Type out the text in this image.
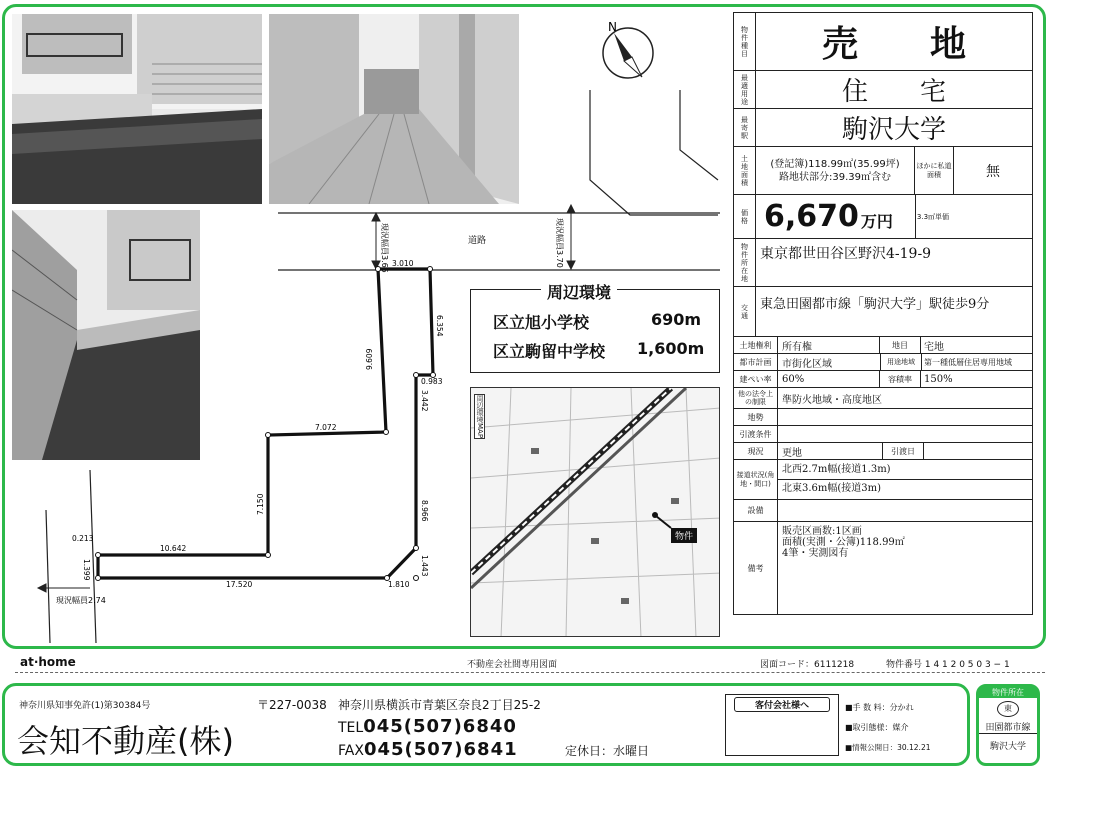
N
道路
現況幅員3.65	現況幅員3.70
現況幅員2.74
3.010
6.354
0.983
3.442
9.609
7.072
7.150	8.966
10.642
0.213
1.399	1.443
17.520	1.810
周辺環境
区立旭小学校	690m
区立駒留中学校 1,600m
物件
周辺環境MAP
物件種目	売　　地
最適用途	住　　宅
最寄駅	駒沢大学
土地面積	(登記簿)118.99㎡(35.99坪)
路地状部分:39.39㎡含む
ほかに私道面積	無
価格 6,670 万円	3.3㎡単価
物件所在地 東京都世田谷区野沢4-19-9
交通 東急田園都市線「駒沢大学」駅徒歩9分
土地権利	所有権	地目	宅地
都市計画	市街化区域	用途地域	第一種低層住居専用地域
建ぺい率	60%	容積率	150%
他の法令上の制限	準防火地域・高度地区
地勢
引渡条件
現況	更地	引渡日
接道状況(角地・間口)
北西2.7m幅(接道1.3m)
北東3.6m幅(接道3m)
設備
備考
販売区画数:1区画
面積(実測・公簿)118.99㎡
4筆・実測図有
at·home	不動産会社間専用図面	図面コード：6111218	物件番号 1 4 1 2 0 5 0 3 − 1
神奈川県知事免許(1)第30384号
会知不動産(株)
〒227-0038 神奈川県横浜市青葉区奈良2丁目25-2
TEL045(507)6840
FAX045(507)6841	定休日：水曜日
客付会社様へ	■手 数 料：分かれ
■取引態様：媒介
■情報公開日：30.12.21
物件所在
東
田園都市線
駒沢大学
